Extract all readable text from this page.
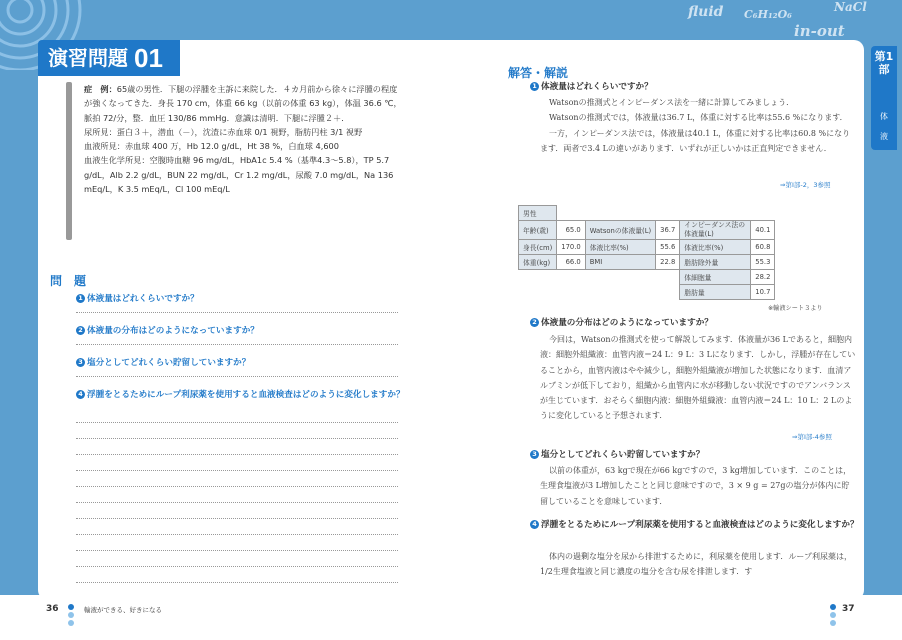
fluid C₆H₁₂O₆
NaCl
in-out
演習問題 01

症　例：65歳の男性．下腿の浮腫を主訴に来院した．４カ月前から徐々に浮腫の程度が強くなってきた．身長 170 cm，体重 66 kg（以前の体重 63 kg），体温 36.6 ℃，脈拍 72/分，整．血圧 130/86 mmHg．意識は清明．下腿に浮腫２＋．

尿所見：蛋白３＋，潜血（－），沈渣に赤血球 0/1 視野，脂肪円柱 3/1 視野

血液所見：赤血球 400 万，Hb 12.0 g/dL，Ht 38 %，白血球 4,600

血液生化学所見：空腹時血糖 96 mg/dL，HbA1c 5.4 %（基準4.3～5.8），TP 5.7 g/dL，Alb 2.2 g/dL，BUN 22 mg/dL，Cr 1.2 mg/dL，尿酸 7.0 mg/dL，Na 136 mEq/L，K 3.5 mEq/L，Cl 100 mEq/L

問　題
1 体液量はどれくらいですか？
2 体液量の分布はどのようになっていますか？
3 塩分としてどれくらい貯留していますか？
4 浮腫をとるためにループ利尿薬を使用すると血液検査はどのように変化しますか？
解答・解説
1 体液量はどれくらいですか？

Watsonの推測式とインピーダンス法を一緒に計算してみましょう．

Watsonの推測式では，体液量は36.7 L，体重に対する比率は55.6 %になります．

一方，インピーダンス法では，体液量は40.1 L，体重に対する比率は60.8 %になります．両者で3.4 Lの違いがあります．いずれが正しいかは正直判定できません．

⇒第Ⅰ部-2，3参照
男性					
年齢(歳)	65.0	Watsonの体液量(L)	36.7	インピーダンス法の体液量(L)	40.1
身長(cm)	170.0	体液比率(%)	55.6	体液比率(%)	60.8
体重(kg)	66.0	BMI	22.8	脂肪除外量	55.3
				体細胞量	28.2
				脂肪量	10.7
※輸液シート３より
2 体液量の分布はどのようになっていますか？

今回は，Watsonの推測式を使って解説してみます．体液量が36 Lであると，細胞内液：細胞外組織液：血管内液＝24 L：9 L：3 Lになります．しかし，浮腫が存在していることから，血管内液はやや減少し，細胞外組織液が増加した状態になります．血清アルブミンが低下しており，組織から血管内に水が移動しない状況ですのでアンバランスが生じています．おそらく細胞内液：細胞外組織液：血管内液＝24 L：10 L：2 Lのように変化していると予想されます．

⇒第Ⅰ部-4参照
3 塩分としてどれくらい貯留していますか？

以前の体重が，63 kgで現在が66 kgですので，3 kg増加しています．このことは，生理食塩液が3 L増加したことと同じ意味ですので，3 × 9 g = 27gの塩分が体内に貯留していることを意味しています．

4 浮腫をとるためにループ利尿薬を使用すると血液検査はどのように変化しますか？

体内の過剰な塩分を尿から排泄するために，利尿薬を使用します．ループ利尿薬は，1/2生理食塩液と同じ濃度の塩分を含む尿を排泄します．す

第1部
体液
36	輸液ができる、好きになる	37
